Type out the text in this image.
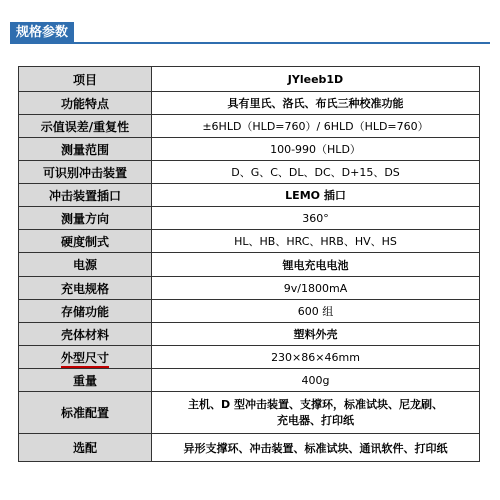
规格参数
项目	JYleeb1D
功能特点	具有里氏、洛氏、布氏三种校准功能
示值误差/重复性	±6HLD（HLD=760）/ 6HLD（HLD=760）
测量范围	100-990（HLD）
可识别冲击装置	D、G、C、DL、DC、D+15、DS
冲击装置插口	LEMO 插口
测量方向	360°
硬度制式	HL、HB、HRC、HRB、HV、HS
电源	锂电充电电池
充电规格	9v/1800mA
存储功能	600 组
壳体材料	塑料外壳
外型尺寸	230×86×46mm
重量	400g
标准配置	主机、D 型冲击装置、支撑环，标准试块、尼龙刷、
充电器、打印纸

选配	异形支撑环、冲击装置、标准试块、通讯软件、打印纸
